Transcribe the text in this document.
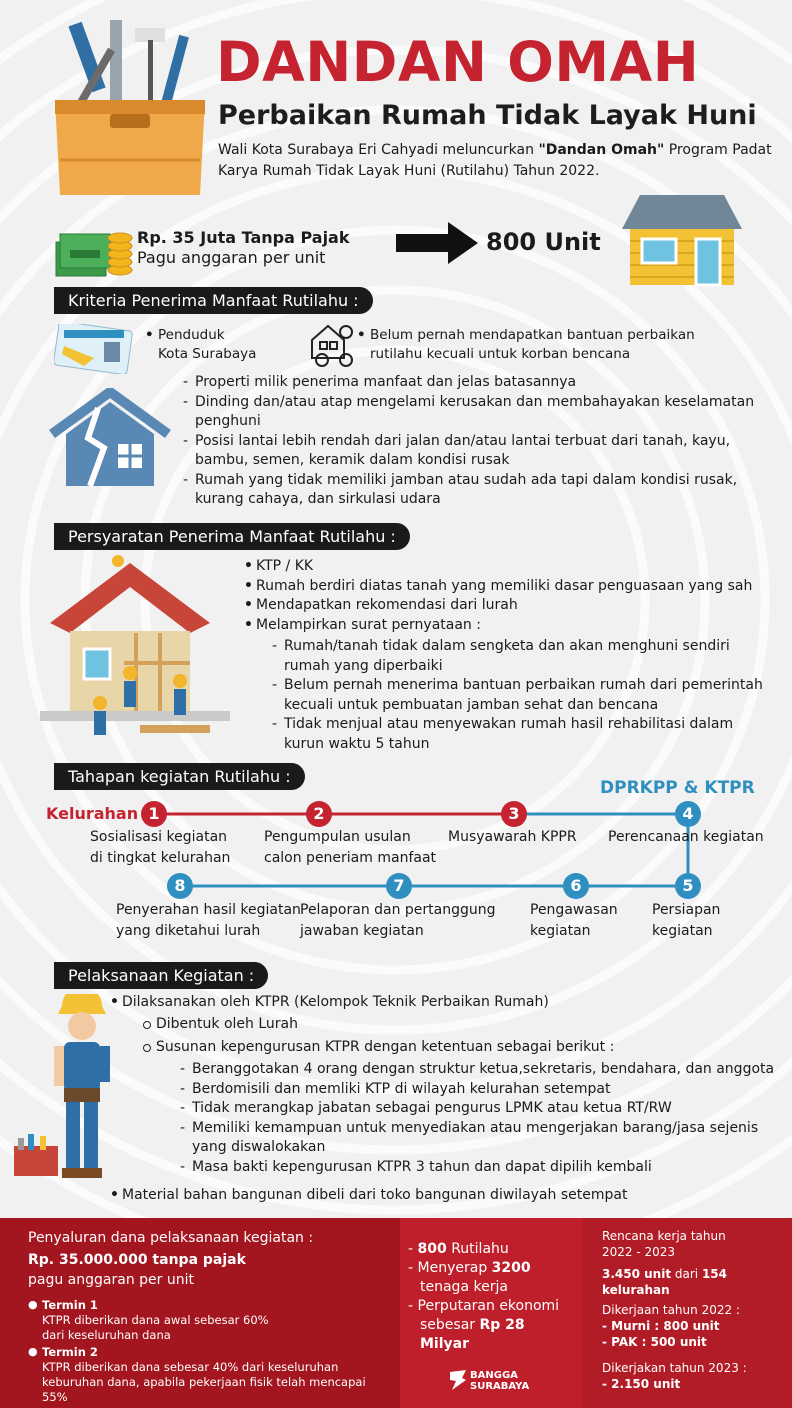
DANDAN OMAH
Perbaikan Rumah Tidak Layak Huni
Wali Kota Surabaya Eri Cahyadi meluncurkan "Dandan Omah" Program Padat Karya Rumah Tidak Layak Huni (Rutilahu) Tahun 2022.
Rp. 35 Juta Tanpa Pajak
Pagu anggaran per unit
800 Unit
Kriteria Penerima Manfaat Rutilahu :
• Penduduk
Kota Surabaya
• Belum pernah mendapatkan bantuan perbaikan
rutilahu kecuali untuk korban bencana
- Properti milik penerima manfaat dan jelas batasannya
- Dinding dan/atau atap mengelami kerusakan dan membahayakan keselamatan penghuni
- Posisi lantai lebih rendah dari jalan dan/atau lantai terbuat dari tanah, kayu, bambu, semen, keramik dalam kondisi rusak
- Rumah yang tidak memiliki jamban atau sudah ada tapi dalam kondisi rusak, kurang cahaya, dan sirkulasi udara
Persyaratan Penerima Manfaat Rutilahu :
• KTP / KK
• Rumah berdiri diatas tanah yang memiliki dasar penguasaan yang sah
• Mendapatkan rekomendasi dari lurah
• Melampirkan surat pernyataan :
- Rumah/tanah tidak dalam sengketa dan akan menghuni sendiri rumah yang diperbaiki
- Belum pernah menerima bantuan perbaikan rumah dari pemerintah kecuali untuk pembuatan jamban sehat dan bencana
- Tidak menjual atau menyewakan rumah hasil rehabilitasi dalam kurun waktu 5 tahun
Tahapan kegiatan Rutilahu :
Kelurahan
DPRKPP & KTPR
1	2	3	4
5
6
7
8
Sosialisasi kegiatan di tingkat kelurahan
Pengumpulan usulan calon peneriam manfaat
Musyawarah KPPR	Perencanaan kegiatan
Persiapan kegiatan
Pengawasan kegiatan
Pelaporan dan pertanggung jawaban kegiatan
Penyerahan hasil kegiatan yang diketahui lurah
Pelaksanaan Kegiatan :
• Dilaksanakan oleh KTPR (Kelompok Teknik Perbaikan Rumah)
Dibentuk oleh Lurah
Susunan kepengurusan KTPR dengan ketentuan sebagai berikut :
- Beranggotakan 4 orang dengan struktur ketua,sekretaris, bendahara, dan anggota
- Berdomisili dan memliki KTP di wilayah kelurahan setempat
- Tidak merangkap jabatan sebagai pengurus LPMK atau ketua RT/RW
- Memiliki kemampuan untuk menyediakan atau mengerjakan barang/jasa sejenis yang diswalokakan
- Masa bakti kepengurusan KTPR 3 tahun dan dapat dipilih kembali
• Material bahan bangunan dibeli dari toko bangunan diwilayah setempat
Penyaluran dana pelaksanaan kegiatan :
Rp. 35.000.000 tanpa pajak
pagu anggaran per unit
● Termin 1
KTPR diberikan dana awal sebesar 60% dari keseluruhan dana
● Termin 2
KTPR diberikan dana sebesar 40% dari keseluruhan keburuhan dana, apabila pekerjaan fisik telah mencapai 55%
- 800 Rutilahu
- Menyerap 3200
tenaga kerja
- Perputaran ekonomi
sebesar Rp 28 Milyar
BANGGA
SURABAYA
Rencana kerja tahun
2022 - 2023
3.450 unit dari 154 kelurahan
Dikerjaan tahun 2022 :
- Murni : 800 unit
- PAK : 500 unit
Dikerjakan tahun 2023 :
- 2.150 unit
